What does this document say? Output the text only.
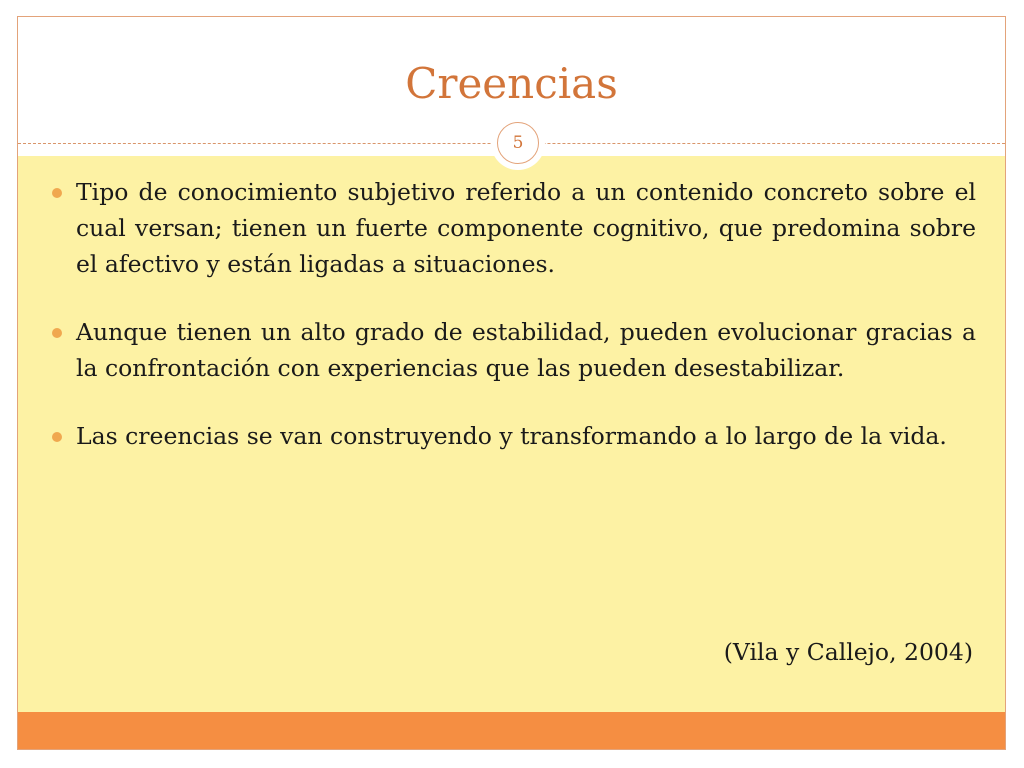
Creencias
5
Tipo de conocimiento subjetivo referido a un contenido concreto sobre el cual versan; tienen un fuerte componente cognitivo, que predomina sobre el afectivo y están ligadas a situaciones.
Aunque tienen un alto grado de estabilidad, pueden evolucionar gracias a la confrontación con experiencias que las pueden desestabilizar.
Las creencias se van construyendo y transformando a lo largo de la vida.
(Vila y Callejo, 2004)
